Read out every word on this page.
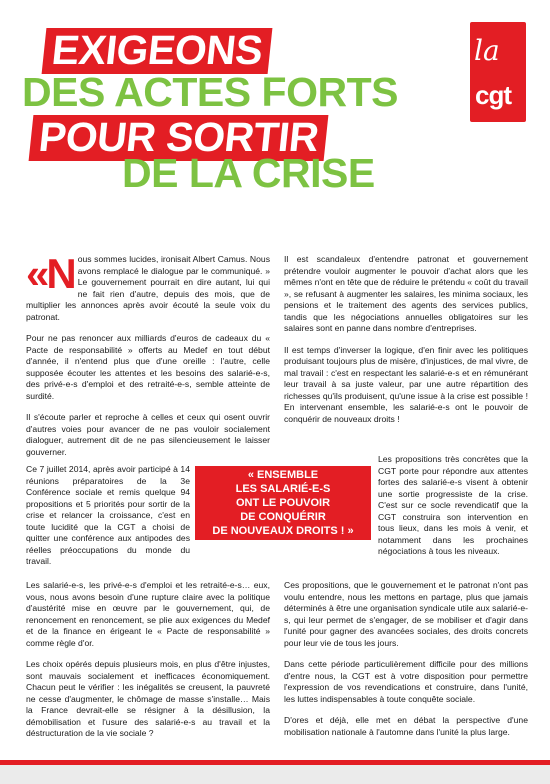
EXIGEONS
DES ACTES FORTS
POUR SORTIR
DE LA CRISE
la
cgt

«Nous sommes lucides, ironisait Albert Camus. Nous avons remplacé le dialogue par le communiqué. » Le gouvernement pourrait en dire autant, lui qui ne fait rien d'autre, depuis des mois, que de multiplier les annonces après avoir écouté la seule voix du patronat.

Pour ne pas renoncer aux milliards d'euros de cadeaux du « Pacte de responsabilité » offerts au Medef en tout début d'année, il n'entend plus que d'une oreille : l'autre, celle supposée écouter les attentes et les besoins des salarié-e-s, des privé-e-s d'emploi et des retraité-e-s, semble atteinte de surdité.

Il s'écoute parler et reproche à celles et ceux qui osent ouvrir d'autres voies pour avancer de ne pas vouloir socialement dialoguer, autrement dit de ne pas silencieusement le laisser gouverner.

Ce 7 juillet 2014, après avoir participé à 14 réunions préparatoires de la 3e Conférence sociale et remis quelque 94 propositions et 5 priorités pour sortir de la crise et relancer la croissance, c'est en toute lucidité que la CGT a choisi de quitter une conférence aux antipodes des réelles préoccupations du monde du travail.

Les salarié-e-s, les privé-e-s d'emploi et les retraité-e-s… eux, vous, nous avons besoin d'une rupture claire avec la politique d'austérité mise en œuvre par le gouvernement, qui, de renoncement en renoncement, se plie aux exigences du Medef et de la finance en érigeant le « Pacte de responsabilité » comme règle d'or.

Les choix opérés depuis plusieurs mois, en plus d'être injustes, sont mauvais socialement et inefficaces économiquement. Chacun peut le vérifier : les inégalités se creusent, la pauvreté ne cesse d'augmenter, le chômage de masse s'installe… Mais la France devrait-elle se résigner à la désillusion, la démobilisation et l'usure des salarié-e-s au travail et la déstructuration de la vie sociale ?

Il est scandaleux d'entendre patronat et gouvernement prétendre vouloir augmenter le pouvoir d'achat alors que les mêmes n'ont en tête que de réduire le prétendu « coût du travail », se refusant à augmenter les salaires, les minima sociaux, les pensions et le traitement des agents des services publics, tandis que les négociations annuelles obligatoires sur les salaires sont en panne dans nombre d'entreprises.

Il est temps d'inverser la logique, d'en finir avec les politiques produisant toujours plus de misère, d'injustices, de mal vivre, de mal travail : c'est en respectant les salarié-e-s et en rémunérant leur travail à sa juste valeur, par une autre répartition des richesses qu'ils produisent, qu'une issue à la crise est possible ! En intervenant ensemble, les salarié-e-s ont le pouvoir de conquérir de nouveaux droits !

Les propositions très concrètes que la CGT porte pour répondre aux attentes fortes des salarié-e-s visent à obtenir une sortie progressiste de la crise. C'est sur ce socle revendicatif que la CGT construira son intervention en tous lieux, dans les mois à venir, et notamment dans les prochaines négociations à tous les niveaux.

Ces propositions, que le gouvernement et le patronat n'ont pas voulu entendre, nous les mettons en partage, plus que jamais déterminés à être une organisation syndicale utile aux salarié-e-s, qui leur permet de s'engager, de se mobiliser et d'agir dans l'unité pour gagner des avancées sociales, des droits concrets pour leur vie de tous les jours.

Dans cette période particulièrement difficile pour des millions d'entre nous, la CGT est à votre disposition pour permettre l'expression de vos revendications et construire, dans l'unité, les luttes indispensables à toute conquête sociale.

D'ores et déjà, elle met en débat la perspective d'une mobilisation nationale à l'automne dans l'unité la plus large.

« ENSEMBLE
LES SALARIÉ-E-S
ONT LE POUVOIR
DE CONQUÉRIR
DE NOUVEAUX DROITS ! »
